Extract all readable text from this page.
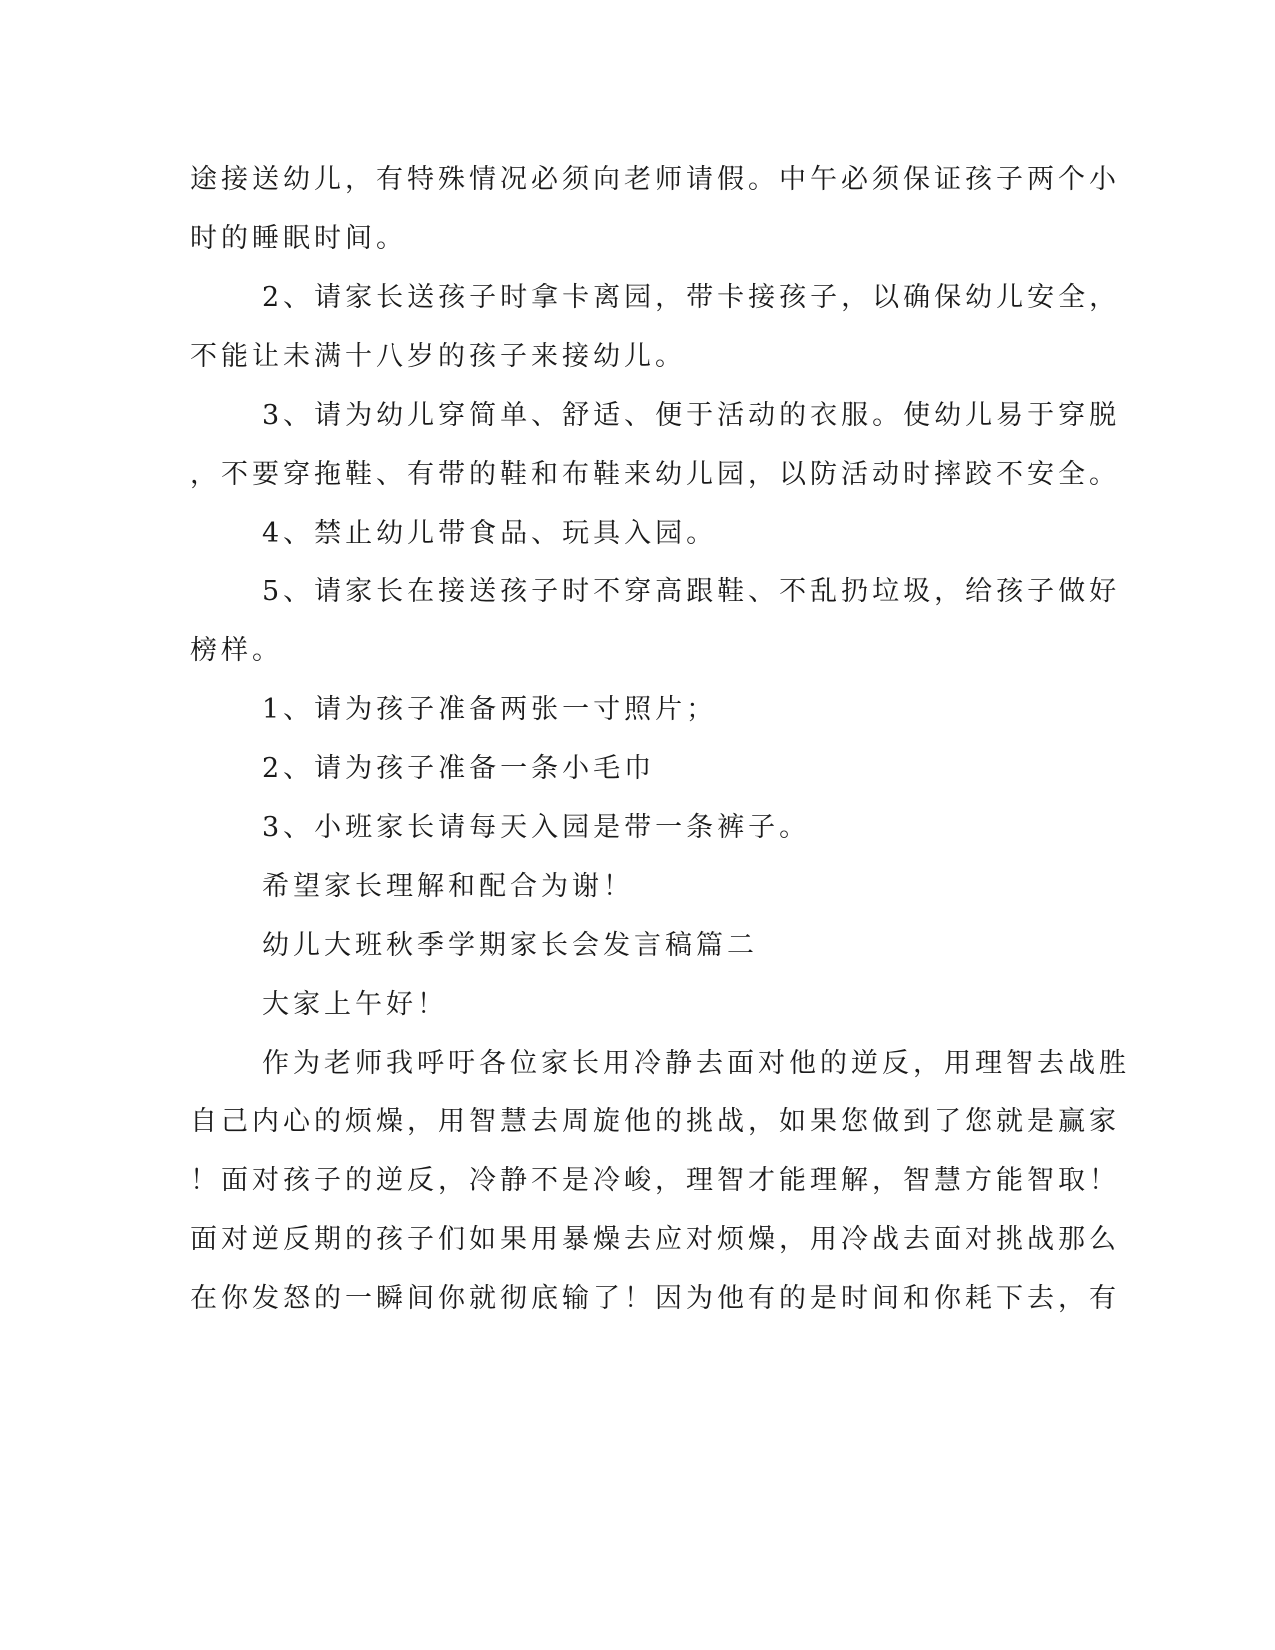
途接送幼儿，有特殊情况必须向老师请假。中午必须保证孩子两个小
时的睡眠时间。
2、请家长送孩子时拿卡离园，带卡接孩子，以确保幼儿安全，
不能让未满十八岁的孩子来接幼儿。
3、请为幼儿穿简单、舒适、便于活动的衣服。使幼儿易于穿脱
，不要穿拖鞋、有带的鞋和布鞋来幼儿园，以防活动时摔跤不安全。
4、禁止幼儿带食品、玩具入园。
5、请家长在接送孩子时不穿高跟鞋、不乱扔垃圾，给孩子做好
榜样。
1、请为孩子准备两张一寸照片；
2、请为孩子准备一条小毛巾
3、小班家长请每天入园是带一条裤子。
希望家长理解和配合为谢！
幼儿大班秋季学期家长会发言稿篇二
大家上午好！
作为老师我呼吁各位家长用冷静去面对他的逆反，用理智去战胜
自己内心的烦燥，用智慧去周旋他的挑战，如果您做到了您就是赢家
！面对孩子的逆反，冷静不是冷峻，理智才能理解，智慧方能智取！
面对逆反期的孩子们如果用暴燥去应对烦燥，用冷战去面对挑战那么
在你发怒的一瞬间你就彻底输了！因为他有的是时间和你耗下去，有
